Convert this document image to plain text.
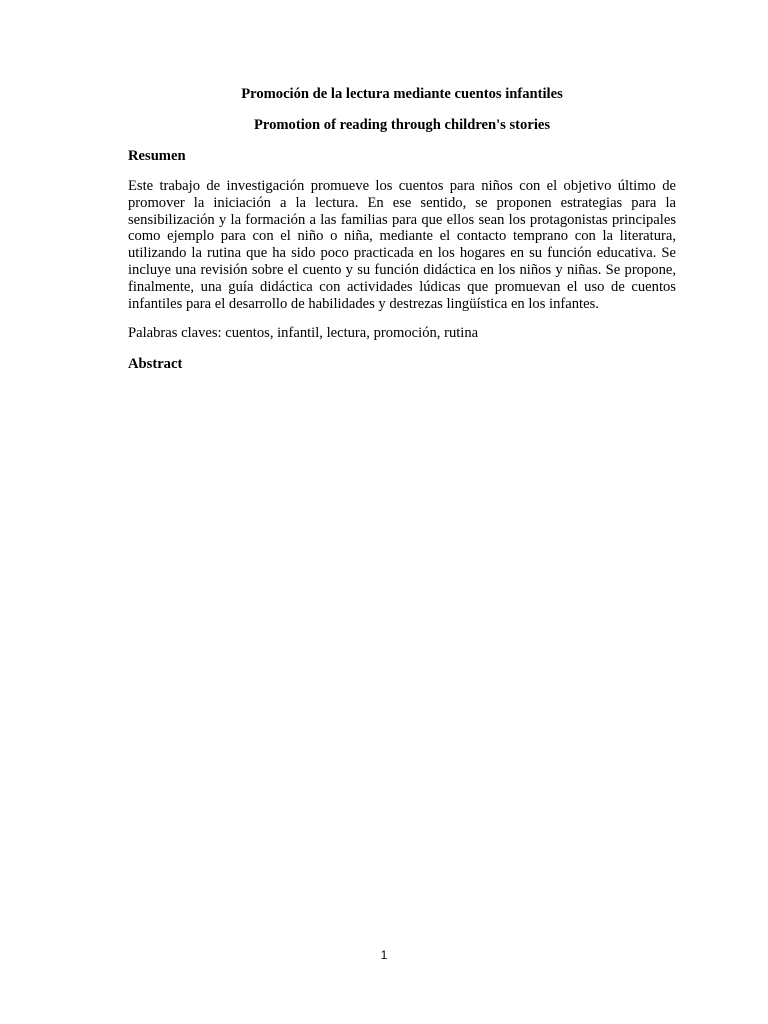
Promoción de la lectura mediante cuentos infantiles

Promotion of reading through children's stories

Resumen

Este trabajo de investigación promueve los cuentos para niños con el objetivo último de promover la iniciación a la lectura. En ese sentido, se proponen estrategias para la sensibilización y la formación a las familias para que ellos sean los protagonistas principales como ejemplo para con el niño o niña, mediante el contacto temprano con la literatura, utilizando la rutina que ha sido poco practicada en los hogares en su función educativa. Se incluye una revisión sobre el cuento y su función didáctica en los niños y niñas. Se propone, finalmente, una guía didáctica con actividades lúdicas que promuevan el uso de cuentos infantiles para el desarrollo de habilidades y destrezas lingüística en los infantes.

Palabras claves: cuentos, infantil, lectura, promoción, rutina

Abstract

1
